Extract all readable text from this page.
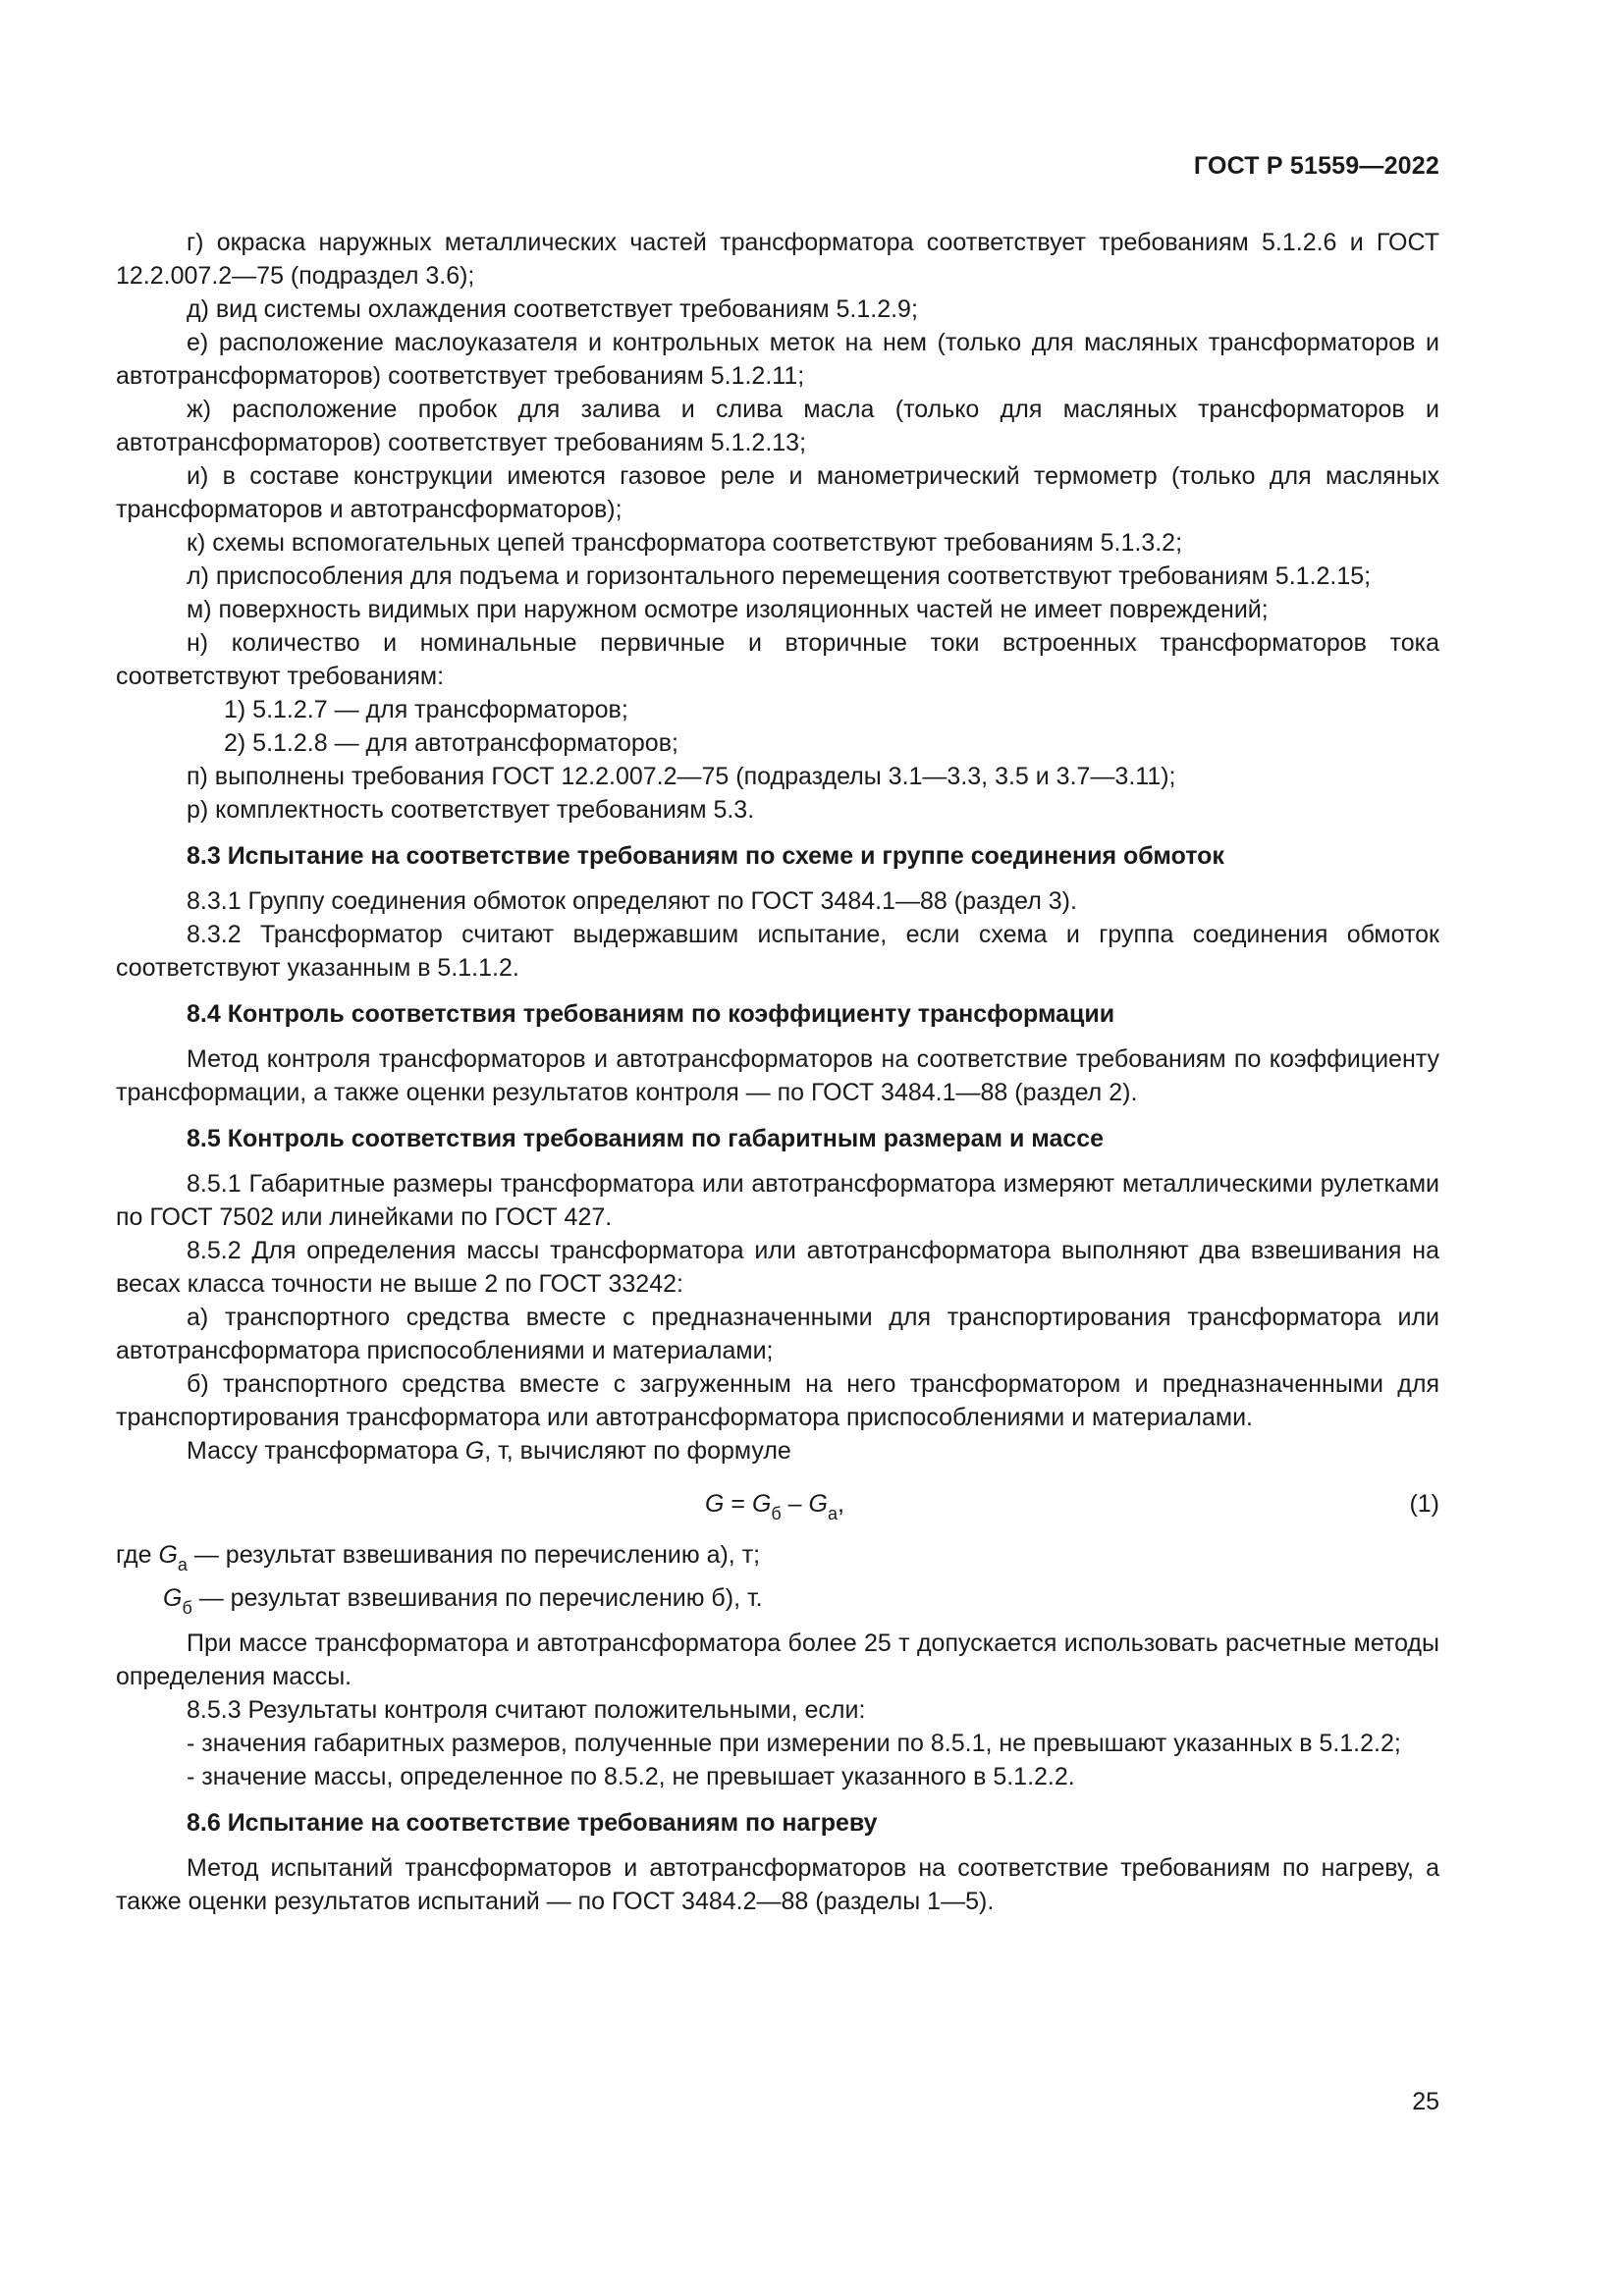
ГОСТ Р 51559—2022

г) окраска наружных металлических частей трансформатора соответствует требованиям 5.1.2.6 и ГОСТ 12.2.007.2—75 (подраздел 3.6);

д) вид системы охлаждения соответствует требованиям 5.1.2.9;

е) расположение маслоуказателя и контрольных меток на нем (только для масляных трансформаторов и автотрансформаторов) соответствует требованиям 5.1.2.11;

ж) расположение пробок для залива и слива масла (только для масляных трансформаторов и автотрансформаторов) соответствует требованиям 5.1.2.13;

и) в составе конструкции имеются газовое реле и манометрический термометр (только для масляных трансформаторов и автотрансформаторов);

к) схемы вспомогательных цепей трансформатора соответствуют требованиям 5.1.3.2;

л) приспособления для подъема и горизонтального перемещения соответствуют требованиям 5.1.2.15;

м) поверхность видимых при наружном осмотре изоляционных частей не имеет повреждений;

н) количество и номинальные первичные и вторичные токи встроенных трансформаторов тока соответствуют требованиям:

1) 5.1.2.7 — для трансформаторов;

2) 5.1.2.8 — для автотрансформаторов;

п) выполнены требования ГОСТ 12.2.007.2—75 (подразделы 3.1—3.3, 3.5 и 3.7—3.11);

р) комплектность соответствует требованиям 5.3.

8.3 Испытание на соответствие требованиям по схеме и группе соединения обмоток

8.3.1 Группу соединения обмоток определяют по ГОСТ 3484.1—88 (раздел 3).

8.3.2 Трансформатор считают выдержавшим испытание, если схема и группа соединения обмоток соответствуют указанным в 5.1.1.2.

8.4 Контроль соответствия требованиям по коэффициенту трансформации

Метод контроля трансформаторов и автотрансформаторов на соответствие требованиям по коэффициенту трансформации, а также оценки результатов контроля — по ГОСТ 3484.1—88 (раздел 2).

8.5 Контроль соответствия требованиям по габаритным размерам и массе

8.5.1 Габаритные размеры трансформатора или автотрансформатора измеряют металлическими рулетками по ГОСТ 7502 или линейками по ГОСТ 427.

8.5.2 Для определения массы трансформатора или автотрансформатора выполняют два взвешивания на весах класса точности не выше 2 по ГОСТ 33242:

а) транспортного средства вместе с предназначенными для транспортирования трансформатора или автотрансформатора приспособлениями и материалами;

б) транспортного средства вместе с загруженным на него трансформатором и предназначенными для транспортирования трансформатора или автотрансформатора приспособлениями и материалами.

Массу трансформатора G, т, вычисляют по формуле

$G = G_б - G_а$,	(1)

где $G_а$ — результат взвешивания по перечислению а), т;

$G_б$ — результат взвешивания по перечислению б), т.

При массе трансформатора и автотрансформатора более 25 т допускается использовать расчетные методы определения массы.

8.5.3 Результаты контроля считают положительными, если:

- значения габаритных размеров, полученные при измерении по 8.5.1, не превышают указанных в 5.1.2.2;

- значение массы, определенное по 8.5.2, не превышает указанного в 5.1.2.2.

8.6 Испытание на соответствие требованиям по нагреву

Метод испытаний трансформаторов и автотрансформаторов на соответствие требованиям по нагреву, а также оценки результатов испытаний — по ГОСТ 3484.2—88 (разделы 1—5).

25
